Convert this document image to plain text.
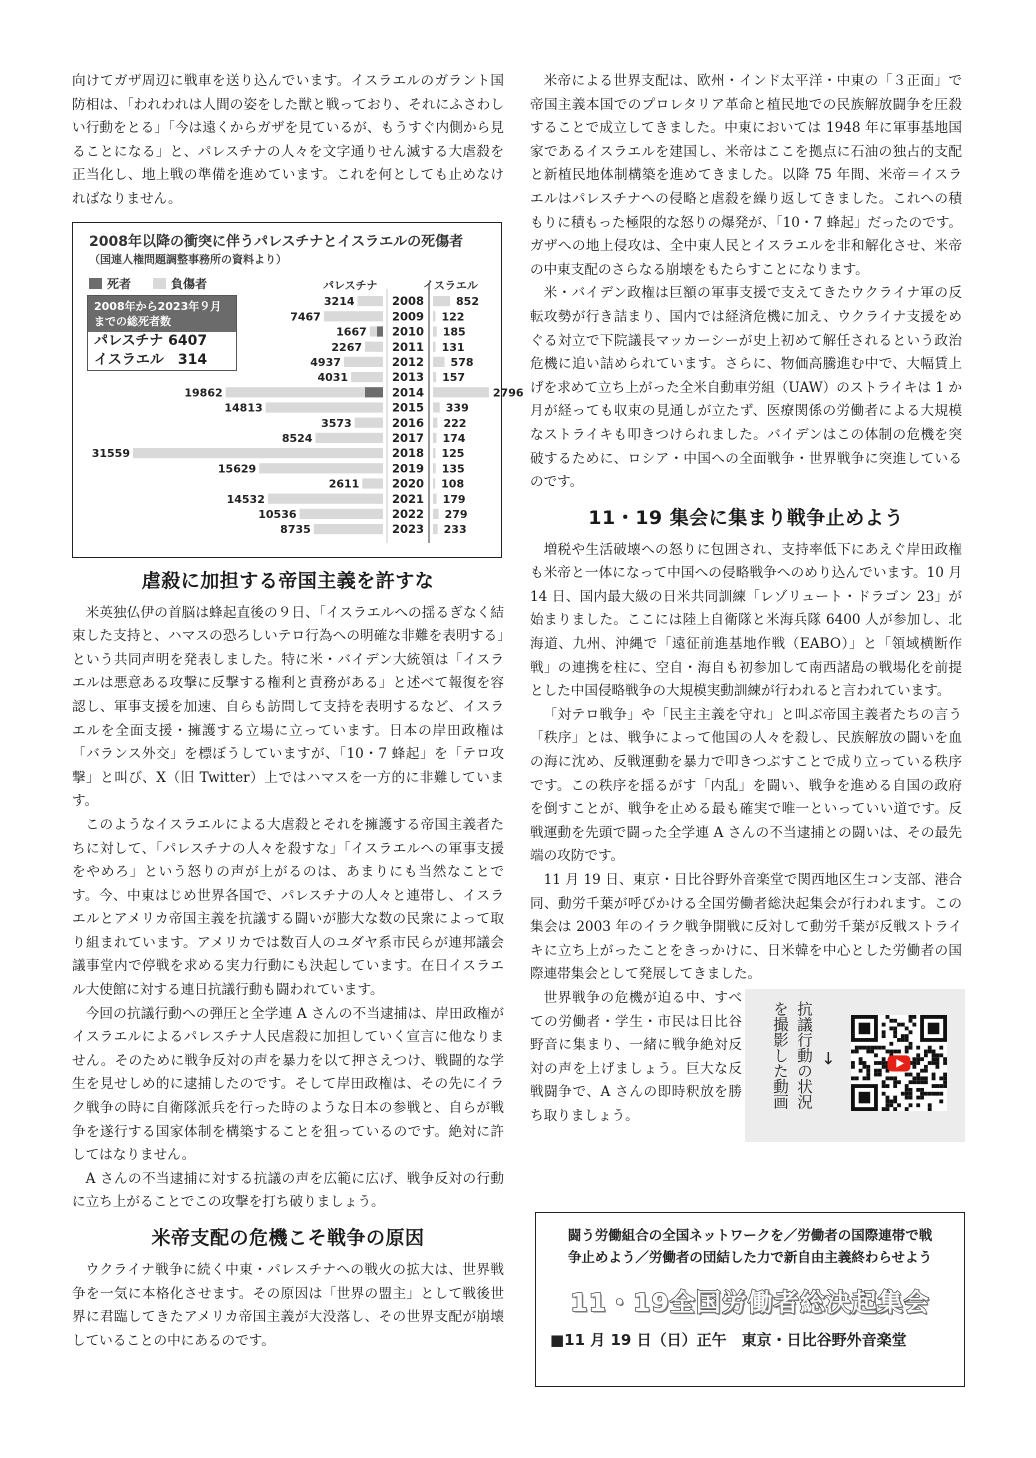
向けてガザ周辺に戦車を送り込んでいます。イスラエルのガラント国防相は、「われわれは人間の姿をした獣と戦っており、それにふさわしい行動をとる」「今は遠くからガザを見ているが、もうすぐ内側から見ることになる」と、パレスチナの人々を文字通りせん滅する大虐殺を正当化し、地上戦の準備を進めています。これを何としても止めなければなりません。

3214	2008	852
7467	2009 122
1667 2010 185
2267	2011 131
4937	2012 578
4031	2013 157
19862	2014	2796
14813	2015 339
3573	2016 222
8524	2017 174
31559	2018 125
15629	2019 135
2611	2020 108
14532	2021 179
10536	2022 279
8735	2023 233
2008年以降の衝突に伴うパレスチナとイスラエルの死傷者
（国連人権問題調整事務所の資料より）
死者	負傷者	パレスチナ	イスラエル
2008年から2023年９月
までの総死者数
パレスチナ 6407
イスラエル　314
虐殺に加担する帝国主義を許すな

米英独仏伊の首脳は蜂起直後の９日、「イスラエルへの揺るぎなく結束した支持と、ハマスの恐ろしいテロ行為への明確な非難を表明する」という共同声明を発表しました。特に米・バイデン大統領は「イスラエルは悪意ある攻撃に反撃する権利と責務がある」と述べて報復を容認し、軍事支援を加速、自らも訪問して支持を表明するなど、イスラエルを全面支援・擁護する立場に立っています。日本の岸田政権は「バランス外交」を標ぼうしていますが、「10・7 蜂起」を「テロ攻撃」と叫び、X（旧 Twitter）上ではハマスを一方的に非難しています。

このようなイスラエルによる大虐殺とそれを擁護する帝国主義者たちに対して、「パレスチナの人々を殺すな」「イスラエルへの軍事支援をやめろ」という怒りの声が上がるのは、あまりにも当然なことです。今、中東はじめ世界各国で、パレスチナの人々と連帯し、イスラエルとアメリカ帝国主義を抗議する闘いが膨大な数の民衆によって取り組まれています。アメリカでは数百人のユダヤ系市民らが連邦議会議事堂内で停戦を求める実力行動にも決起しています。在日イスラエル大使館に対する連日抗議行動も闘われています。

今回の抗議行動への弾圧と全学連 A さんの不当逮捕は、岸田政権がイスラエルによるパレスチナ人民虐殺に加担していく宣言に他なりません。そのために戦争反対の声を暴力を以て押さえつけ、戦闘的な学生を見せしめ的に逮捕したのです。そして岸田政権は、その先にイラク戦争の時に自衛隊派兵を行った時のような日本の参戦と、自らが戦争を遂行する国家体制を構築することを狙っているのです。絶対に許してはなりません。

A さんの不当逮捕に対する抗議の声を広範に広げ、戦争反対の行動に立ち上がることでこの攻撃を打ち破りましょう。

米帝支配の危機こそ戦争の原因

ウクライナ戦争に続く中東・パレスチナへの戦火の拡大は、世界戦争を一気に本格化させます。その原因は「世界の盟主」として戦後世界に君臨してきたアメリカ帝国主義が大没落し、その世界支配が崩壊していることの中にあるのです。

米帝による世界支配は、欧州・インド太平洋・中東の「３正面」で帝国主義本国でのプロレタリア革命と植民地での民族解放闘争を圧殺することで成立してきました。中東においては 1948 年に軍事基地国家であるイスラエルを建国し、米帝はここを拠点に石油の独占的支配と新植民地体制構築を進めてきました。以降 75 年間、米帝＝イスラエルはパレスチナへの侵略と虐殺を繰り返してきました。これへの積もりに積もった極限的な怒りの爆発が、「10・7 蜂起」だったのです。ガザへの地上侵攻は、全中東人民とイスラエルを非和解化させ、米帝の中東支配のさらなる崩壊をもたらすことになります。

米・バイデン政権は巨額の軍事支援で支えてきたウクライナ軍の反転攻勢が行き詰まり、国内では経済危機に加え、ウクライナ支援をめぐる対立で下院議長マッカーシーが史上初めて解任されるという政治危機に追い詰められています。さらに、物価高騰進む中で、大幅賃上げを求めて立ち上がった全米自動車労組（UAW）のストライキは 1 か月が経っても収束の見通しが立たず、医療関係の労働者による大規模なストライキも叩きつけられました。バイデンはこの体制の危機を突破するために、ロシア・中国への全面戦争・世界戦争に突進しているのです。

11・19 集会に集まり戦争止めよう

増税や生活破壊への怒りに包囲され、支持率低下にあえぐ岸田政権も米帝と一体になって中国への侵略戦争へのめり込んでいます。10 月 14 日、国内最大級の日米共同訓練「レゾリュート・ドラゴン 23」が始まりました。ここには陸上自衛隊と米海兵隊 6400 人が参加し、北海道、九州、沖縄で「遠征前進基地作戦（EABO）」と「領域横断作戦」の連携を柱に、空自・海自も初参加して南西諸島の戦場化を前提とした中国侵略戦争の大規模実動訓練が行われると言われています。

「対テロ戦争」や「民主主義を守れ」と叫ぶ帝国主義者たちの言う「秩序」とは、戦争によって他国の人々を殺し、民族解放の闘いを血の海に沈め、反戦運動を暴力で叩きつぶすことで成り立っている秩序です。この秩序を揺るがす「内乱」を闘い、戦争を進める自国の政府を倒すことが、戦争を止める最も確実で唯一といっていい道です。反戦運動を先頭で闘った全学連 A さんの不当逮捕との闘いは、その最先端の攻防です。

11 月 19 日、東京・日比谷野外音楽堂で関西地区生コン支部、港合同、動労千葉が呼びかける全国労働者総決起集会が行われます。この集会は 2003 年のイラク戦争開戦に反対して動労千葉が反戦ストライキに立ち上がったことをきっかけに、日米韓を中心とした労働者の国際連帯集会として発展してきました。

世界戦争の危機が迫る中、すべての労働者・学生・市民は日比谷野音に集まり、一緒に戦争絶対反対の声を上げましょう。巨大な反戦闘争で、A さんの即時釈放を勝ち取りましょう。

抗議行動の状況
を撮影した動画 →
闘う労働組合の全国ネットワークを／労働者の国際連帯で戦
争止めよう／労働者の団結した力で新自由主義終わらせよう
11・19全国労働者総決起集会
■11 月 19 日（日）正午　東京・日比谷野外音楽堂
